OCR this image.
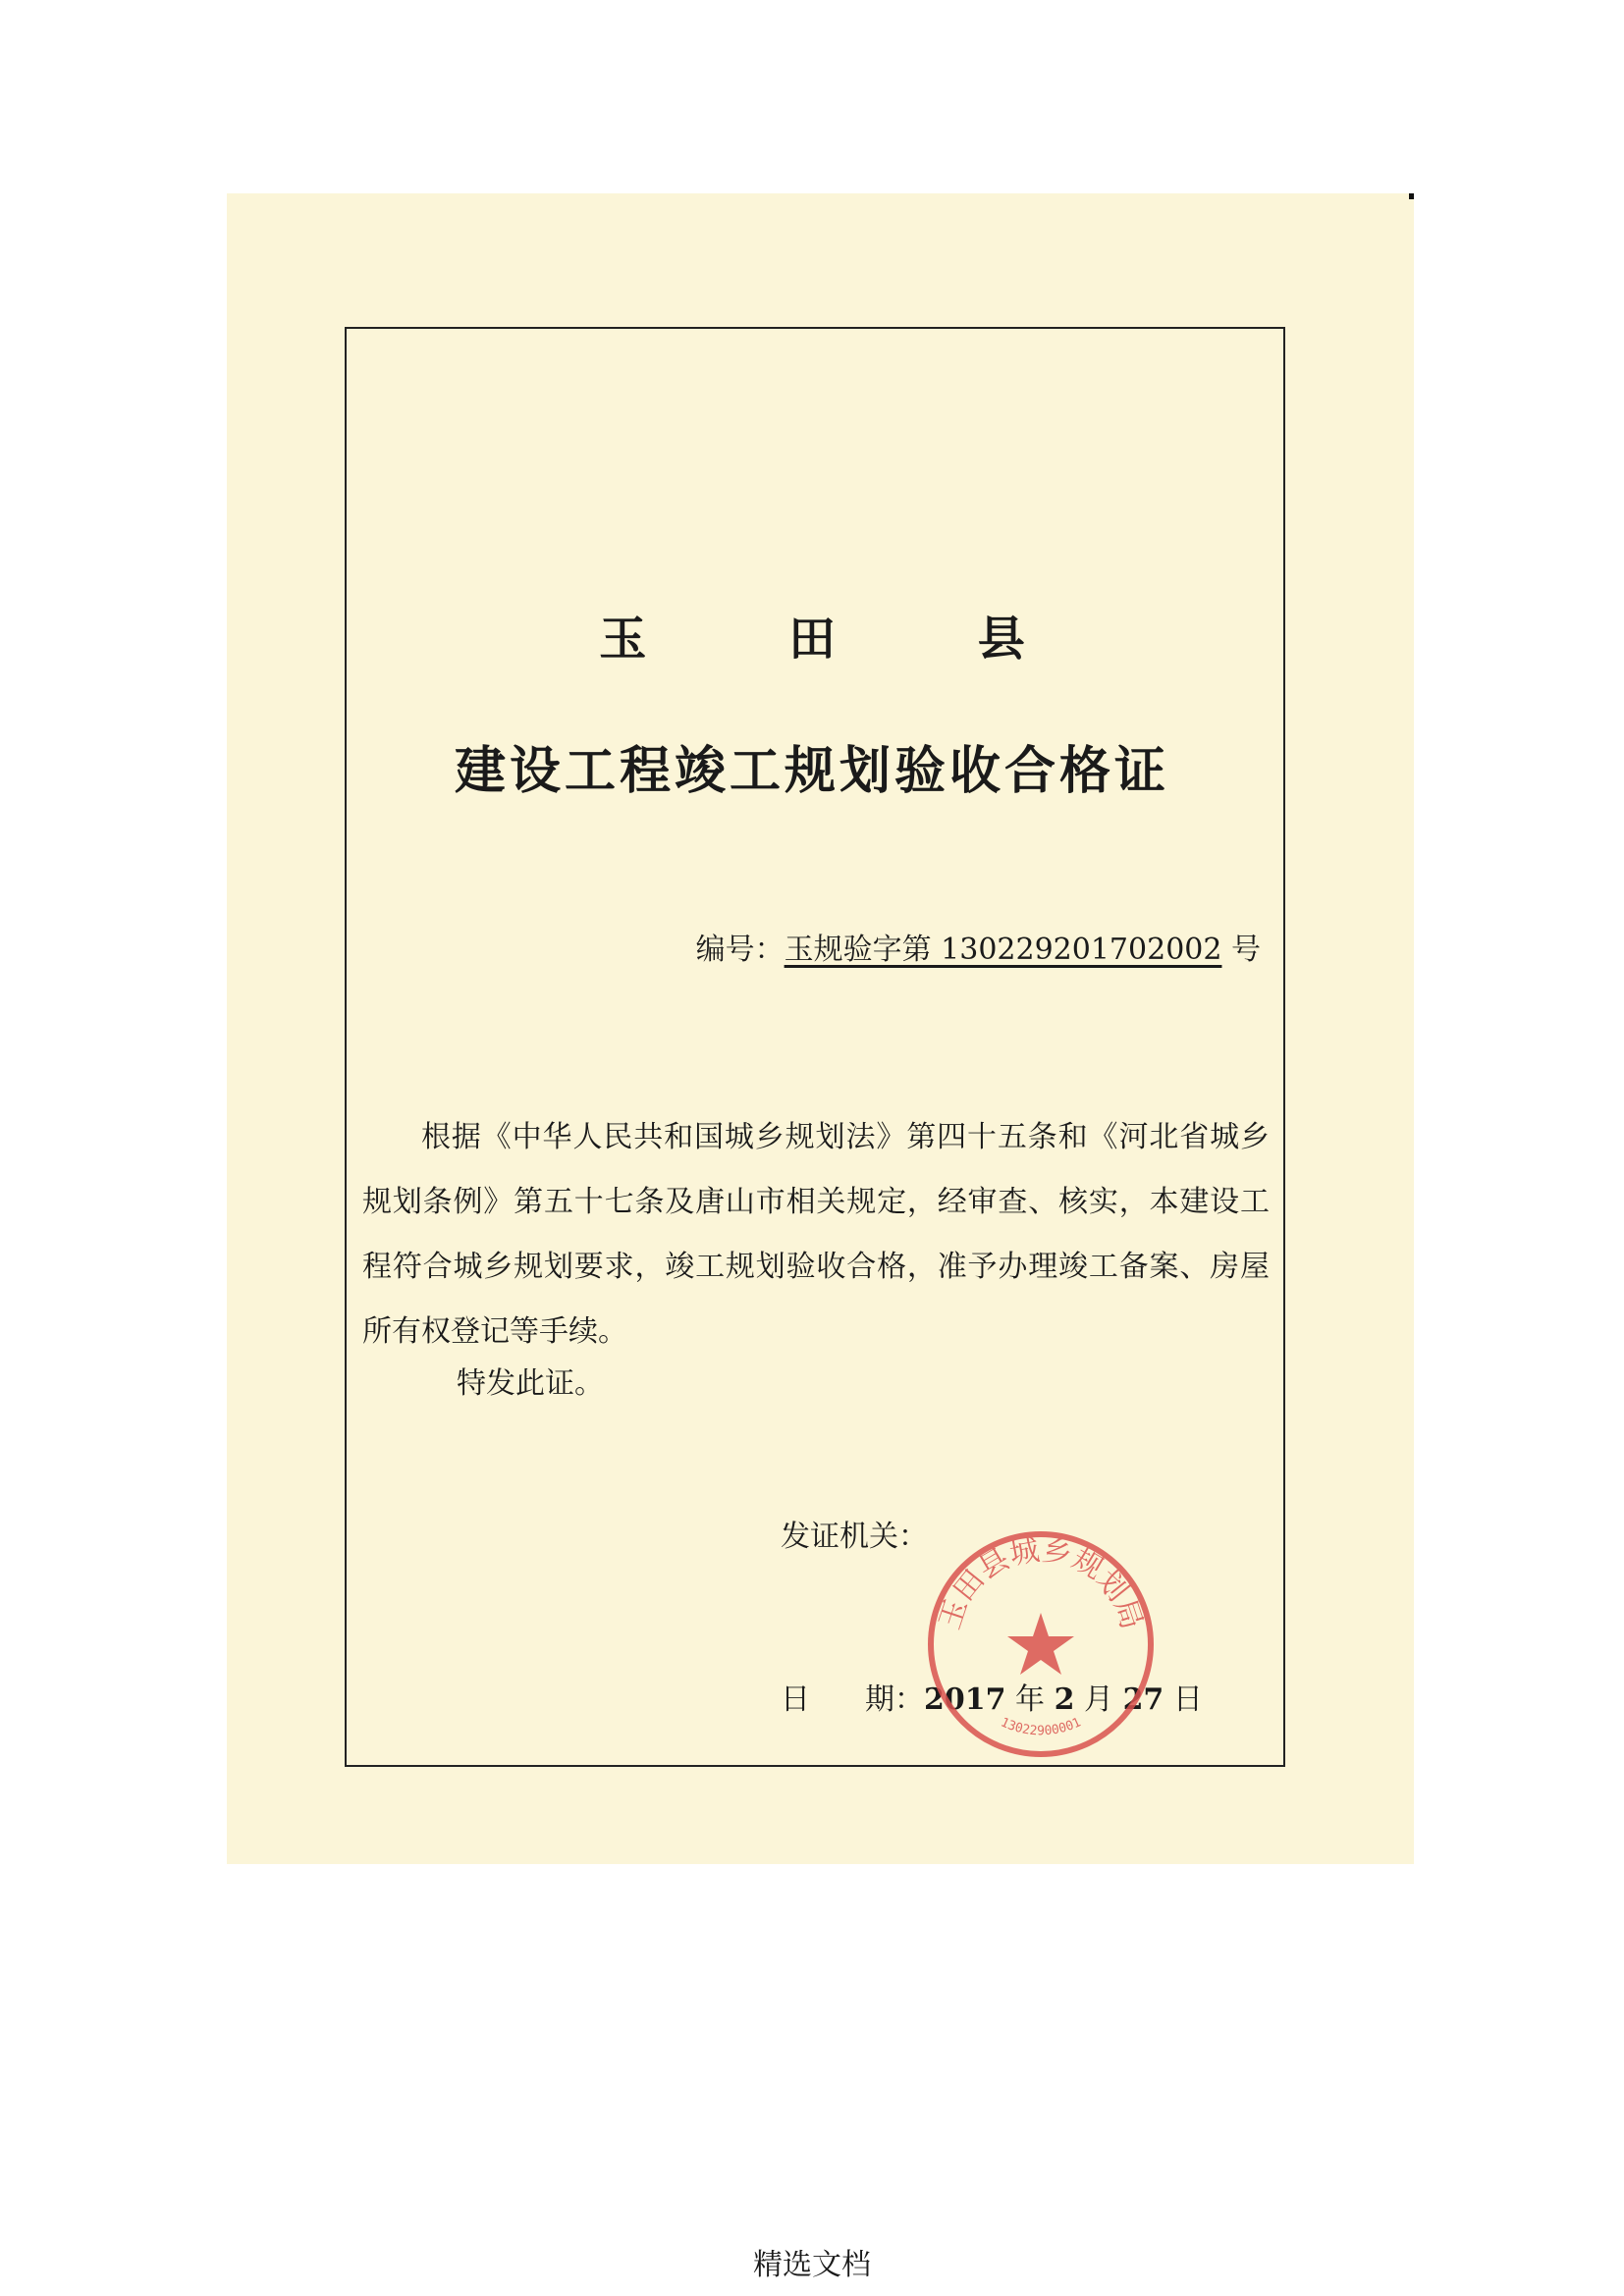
玉 田 县
建设工程竣工规划验收合格证
编号：玉规验字第 130229201702002 号

根据《中华人民共和国城乡规划法》第四十五条和《河北省城乡规划条例》第五十七条及唐山市相关规定，经审查、核实，本建设工程符合城乡规划要求，竣工规划验收合格，准予办理竣工备案、房屋所有权登记等手续。

特发此证。
发证机关：
日 期：2017 年 2 月 27 日
玉田县城乡规划局
13022900001
精选文档
